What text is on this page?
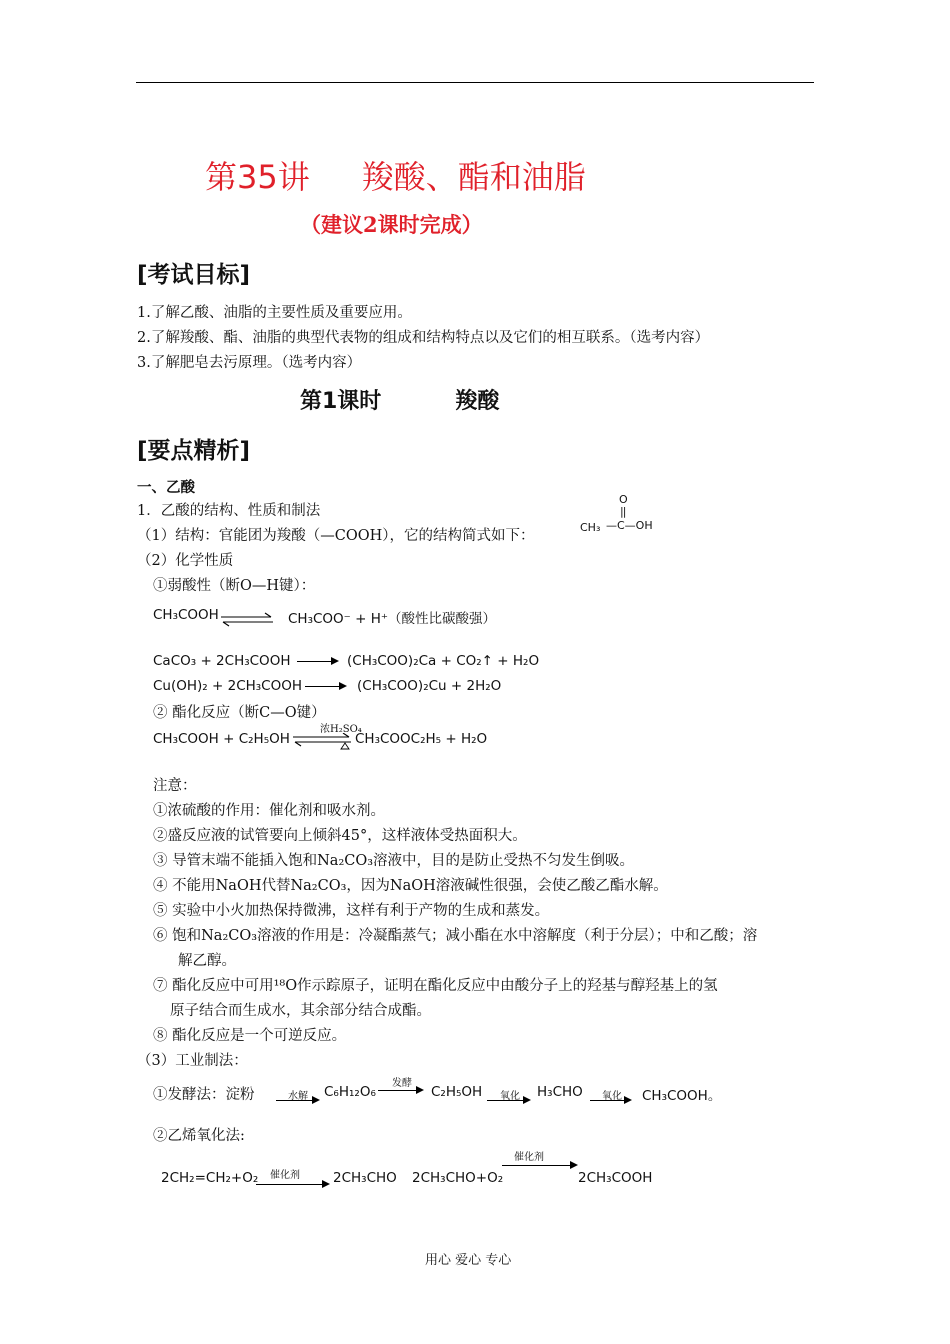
第35讲 羧酸、酯和油脂
（建议2课时完成）
[考试目标]
1.了解乙酸、油脂的主要性质及重要应用。
2.了解羧酸、酯、油脂的典型代表物的组成和结构特点以及它们的相互联系。（选考内容）
3.了解肥皂去污原理。（选考内容）
第1课时	羧酸
[要点精析]
一、乙酸
1．乙酸的结构、性质和制法
（1）结构：官能团为羧酸（—COOH），它的结构简式如下：
O
||
CH₃ —C—OH
（2）化学性质
①弱酸性（断O—H键）：
CH₃COOH ⇌ CH₃COO⁻ + H⁺（酸性比碳酸强）
CaCO₃ + 2CH₃COOH	(CH₃COO)₂Ca + CO₂↑ + H₂O
Cu(OH)₂ + 2CH₃COOH	(CH₃COO)₂Cu + 2H₂O
② 酯化反应（断C—O键）
CH₃COOH + C₂H₅OH
浓H₂SO₄
CH₃COOC₂H₅ + H₂O
注意：
①浓硫酸的作用：催化剂和吸水剂。
②盛反应液的试管要向上倾斜45°，这样液体受热面积大。
③ 导管末端不能插入饱和Na₂CO₃溶液中，目的是防止受热不匀发生倒吸。
④ 不能用NaOH代替Na₂CO₃，因为NaOH溶液碱性很强，会使乙酸乙酯水解。
⑤ 实验中小火加热保持微沸，这样有利于产物的生成和蒸发。
⑥ 饱和Na₂CO₃溶液的作用是：冷凝酯蒸气；减小酯在水中溶解度（利于分层）；中和乙酸；溶
解乙醇。
⑦ 酯化反应中可用¹⁸O作示踪原子，证明在酯化反应中由酸分子上的羟基与醇羟基上的氢
原子结合而生成水，其余部分结合成酯。
⑧ 酯化反应是一个可逆反应。
（3）工业制法：
①发酵法：淀粉	水解 C₆H₁₂O₆
发酵
C₂H₅OH 氧化 H₃CHO 氧化 CH₃COOH。
②乙烯氧化法:
2CH₂=CH₂+O₂ 催化剂 2CH₃CHO 2CH₃CHO+O₂
催化剂
2CH₃COOH
用心 爱心 专心
